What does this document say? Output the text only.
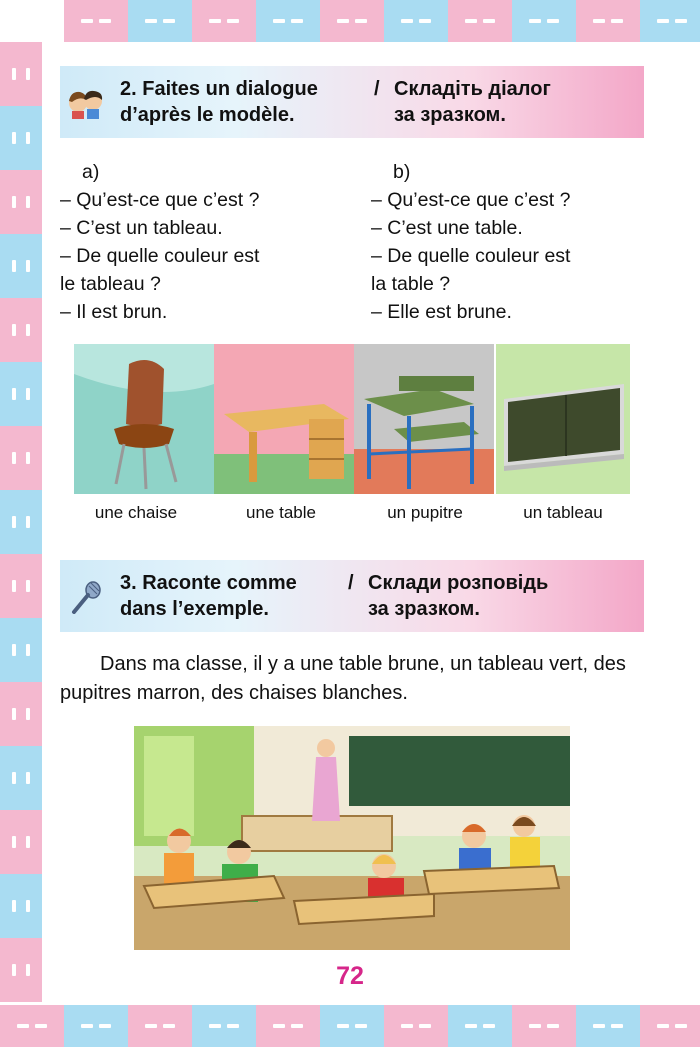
2. Faites un dialogue
d’après le modèle.
/ Складіть діалог
за зразком.
a)
– Qu’est-ce que c’est ?
– C’est un tableau.
– De quelle couleur est
le tableau ?
– Il est brun.
b)
– Qu’est-ce que c’est ?
– C’est une table.
– De quelle couleur est
la table ?
– Elle est brune.
une chaise	une table	un pupitre	un tableau
3. Raconte comme
dans l’exemple.
/ Склади розповідь
за зразком.
Dans ma classe, il y a une table brune, un tableau vert, des pupitres marron, des chaises blanches.
72
